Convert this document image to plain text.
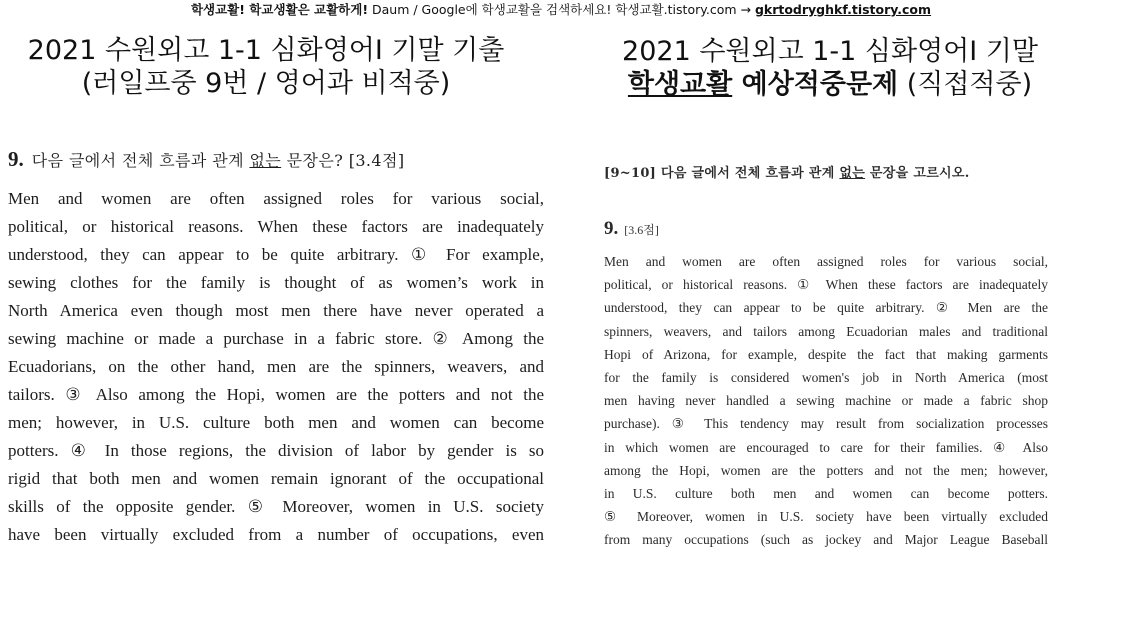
학생교활! 학교생활은 교활하게! Daum / Google에 학생교활을 검색하세요! 학생교활.tistory.com → gkrtodryghkf.tistory.com
2021 수원외고 1-1 심화영어I 기말 기출
(러일프중 9번 / 영어과 비적중)
2021 수원외고 1-1 심화영어I 기말
학생교활 예상적중문제 (직접적중)
9. 다음 글에서 전체 흐름과 관계 없는 문장은? [3.4점]
Men and women are often assigned roles for various social,
political, or historical reasons. When these factors are inadequately
understood, they can appear to be quite arbitrary. ① For example,
sewing clothes for the family is thought of as women’s work in
North America even though most men there have never operated a
sewing machine or made a purchase in a fabric store. ② Among the
Ecuadorians, on the other hand, men are the spinners, weavers, and
tailors. ③ Also among the Hopi, women are the potters and not the
men; however, in U.S. culture both men and women can become
potters. ④ In those regions, the division of labor by gender is so
rigid that both men and women remain ignorant of the occupational
skills of the opposite gender. ⑤ Moreover, women in U.S. society
have been virtually excluded from a number of occupations, even
[9~10] 다음 글에서 전체 흐름과 관계 없는 문장을 고르시오.
9. [3.6점]
Men and women are often assigned roles for various social,
political, or historical reasons. ① When these factors are inadequately
understood, they can appear to be quite arbitrary. ② Men are the
spinners, weavers, and tailors among Ecuadorian males and traditional
Hopi of Arizona, for example, despite the fact that making garments
for the family is considered women's job in North America (most
men having never handled a sewing machine or made a fabric shop
purchase). ③ This tendency may result from socialization processes
in which women are encouraged to care for their families. ④ Also
among the Hopi, women are the potters and not the men; however,
in U.S. culture both men and women can become potters.
⑤ Moreover, women in U.S. society have been virtually excluded
from many occupations (such as jockey and Major League Baseball
